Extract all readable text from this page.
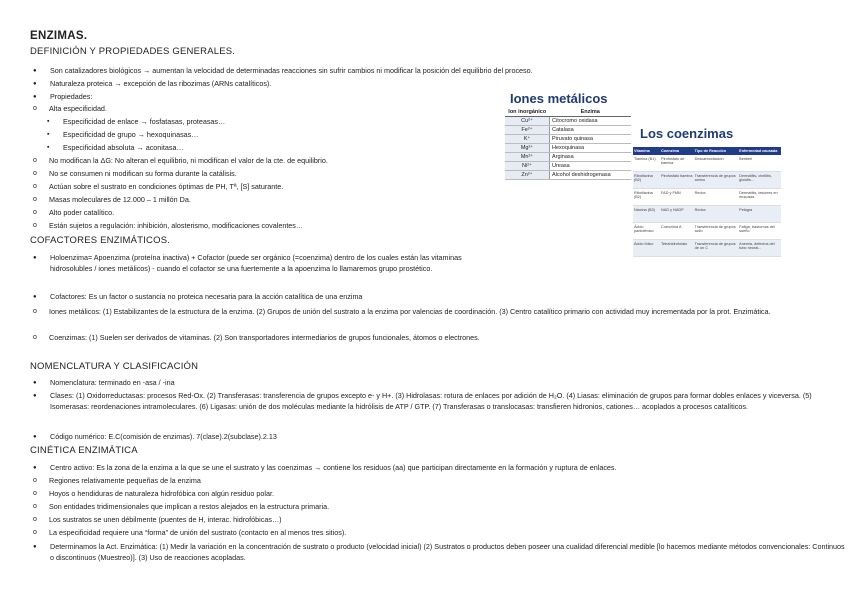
ENZIMAS.
DEFINICIÓN Y PROPIEDADES GENERALES.
● Son catalizadores biológicos → aumentan la velocidad de determinadas reacciones sin sufrir cambios ni modificar la posición del equilibrio del proceso.
● Naturaleza proteica → excepción de las ribozimas (ARNs catalíticos).
● Propiedades:
o Alta especificidad.
▪ Especificidad de enlace → fosfatasas, proteasas…
▪ Especificidad de grupo → hexoquinasas…
▪ Especificidad absoluta → aconitasa…
o No modifican la ΔG: No alteran el equilibrio, ni modifican el valor de la cte. de equilibrio.
o No se consumen ni modifican su forma durante la catálisis.
o Actúan sobre el sustrato en condiciones óptimas de PH, Tª, [S] saturante.
o Masas moleculares de 12.000 – 1 millón Da.
o Alto poder catalítico.
o Están sujetos a regulación: inhibición, alosterismo, modificaciones covalentes…
COFACTORES ENZIMÁTICOS.
● Holoenzima= Apoenzima (proteína inactiva) + Cofactor (puede ser orgánico (=coenzima) dentro de los cuales están las vitaminas hidrosolubles / iones metálicos) - cuando el cofactor se una fuertemente a la apoenzima lo llamaremos grupo prostético.
● Cofactores: Es un factor o sustancia no proteica necesaria para la acción catalítica de una enzima
o Iones metálicos: (1) Estabilizantes de la estructura de la enzima. (2) Grupos de unión del sustrato a la enzima por valencias de coordinación. (3) Centro catalítico primario con actividad muy incrementada por la prot. Enzimática.
o Coenzimas: (1) Suelen ser derivados de vitaminas. (2) Son transportadores intermediarios de grupos funcionales, átomos o electrones.
NOMENCLATURA Y CLASIFICACIÓN
● Nomenclatura: terminado en -asa / -ina
● Clases: (1) Oxidorreductasas: procesos Red-Ox. (2) Transferasas: transferencia de grupos excepto e- y H+. (3) Hidrolasas: rotura de enlaces por adición de H₂O. (4) Liasas: eliminación de grupos para formar dobles enlaces y viceversa. (5) Isomerasas: reordenaciones intramoleculares. (6) Ligasas: unión de dos moléculas mediante la hidrólisis de ATP / GTP. (7) Transferasas o translocasas: transfieren hidronios, cationes… acoplados a procesos catalíticos.
● Código numérico: E.C(comisión de enzimas). 7(clase).2(subclase).2.13
CINÉTICA ENZIMÁTICA
● Centro activo: Es la zona de la enzima a la que se une el sustrato y las coenzimas → contiene los residuos (aa) que participan directamente en la formación y ruptura de enlaces.
o Regiones relativamente pequeñas de la enzima
o Hoyos o hendiduras de naturaleza hidrofóbica con algún residuo polar.
o Son entidades tridimensionales que implican a restos alejados en la estructura primaria.
o Los sustratos se unen débilmente (puentes de H, interac. hidrofóbicas…)
o La especificidad requiere una “forma” de unión del sustrato (contacto en al menos tres sitios).
● Determinamos la Act. Enzimática: (1) Medir la variación en la concentración de sustrato o producto (velocidad inicial) (2) Sustratos o productos deben poseer una cualidad diferencial medible [lo hacemos mediante métodos convencionales: Continuos o discontinuos (Muestreo)]. (3) Uso de reacciones acopladas.
Iones metálicos
Ion inorgánico	Enzima
Cu²⁺	Citocromo oxidasa
Fe²⁺	Catalasa
K⁺	Piruvato quinasa
Mg²⁺	Hexoquinasa
Mn²⁺	Arginasa
Ni²⁺	Ureasa
Zn²⁺	Alcohol deshidrogenasa
Los coenzimas
Vitamina	Coenzima	Tipo de Reacción	Enfermedad causada
Tiamina (B1)	Pirofosfato de tiamina	Descarboxilación	Beriberi
Riboflavina (B2)	Pirofosfato tiamina	Transferencia de grupos amino	Dermatitis, cheilitis, glositis...
Riboflavina (B2)	FAD y FMN	Redox	Dermatitis, lesiones en mucosas
Niacina (B3)	NAD y NADP	Redox	Pelagra
Ácido pantoténico	Coenzima A	Transferencia de grupos acilo	Fatiga, trastornos del sueño
Ácido fólico	Tetrahidrofolato	Transferencia de grupos de un C	Anemia, defectos del tubo neural...
